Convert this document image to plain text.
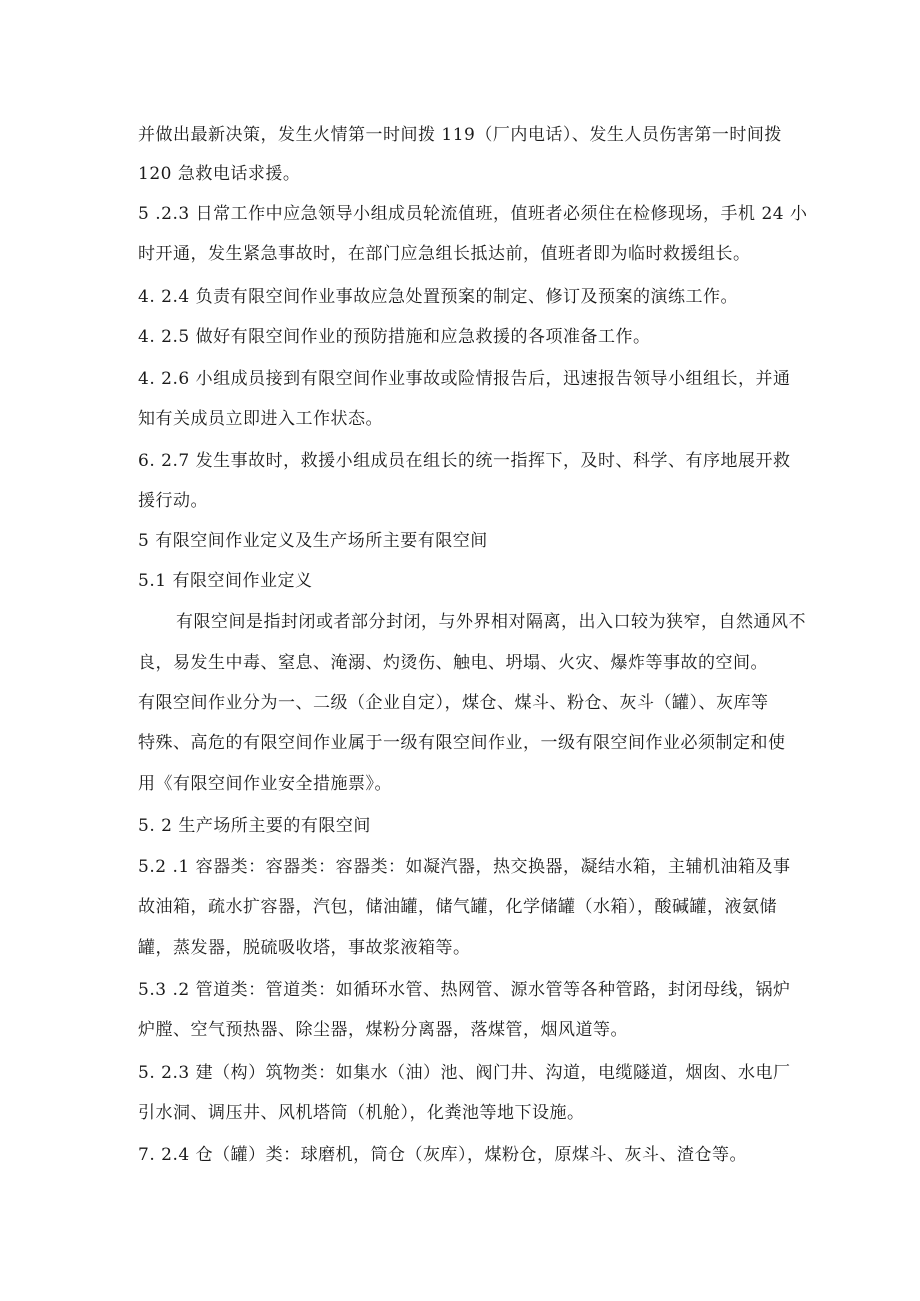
并做出最新决策，发生火情第一时间拨 119（厂内电话）、发生人员伤害第一时间拨
120 急救电话求援。
5 .2.3 日常工作中应急领导小组成员轮流值班，值班者必须住在检修现场，手机 24 小
时开通，发生紧急事故时，在部门应急组长抵达前，值班者即为临时救援组长。
4. 2.4 负责有限空间作业事故应急处置预案的制定、修订及预案的演练工作。
4. 2.5 做好有限空间作业的预防措施和应急救援的各项准备工作。
4. 2.6 小组成员接到有限空间作业事故或险情报告后，迅速报告领导小组组长，并通
知有关成员立即进入工作状态。
6. 2.7 发生事故时，救援小组成员在组长的统一指挥下，及时、科学、有序地展开救
援行动。
5 有限空间作业定义及生产场所主要有限空间
5.1 有限空间作业定义
有限空间是指封闭或者部分封闭，与外界相对隔离，出入口较为狭窄，自然通风不
良，易发生中毒、窒息、淹溺、灼烫伤、触电、坍塌、火灾、爆炸等事故的空间。
有限空间作业分为一、二级（企业自定），煤仓、煤斗、粉仓、灰斗（罐）、灰库等
特殊、高危的有限空间作业属于一级有限空间作业，一级有限空间作业必须制定和使
用《有限空间作业安全措施票》。
5. 2 生产场所主要的有限空间
5.2 .1 容器类：容器类：容器类：如凝汽器，热交换器，凝结水箱，主辅机油箱及事
故油箱，疏水扩容器，汽包，储油罐，储气罐，化学储罐（水箱），酸碱罐，液氨储
罐，蒸发器，脱硫吸收塔，事故浆液箱等。
5.3 .2 管道类：管道类：如循环水管、热网管、源水管等各种管路，封闭母线，锅炉
炉膛、空气预热器、除尘器，煤粉分离器，落煤管，烟风道等。
5. 2.3 建（构）筑物类：如集水（油）池、阀门井、沟道，电缆隧道，烟囱、水电厂
引水洞、调压井、风机塔筒（机舱），化粪池等地下设施。
7. 2.4 仓（罐）类：球磨机，筒仓（灰库），煤粉仓，原煤斗、灰斗、渣仓等。
